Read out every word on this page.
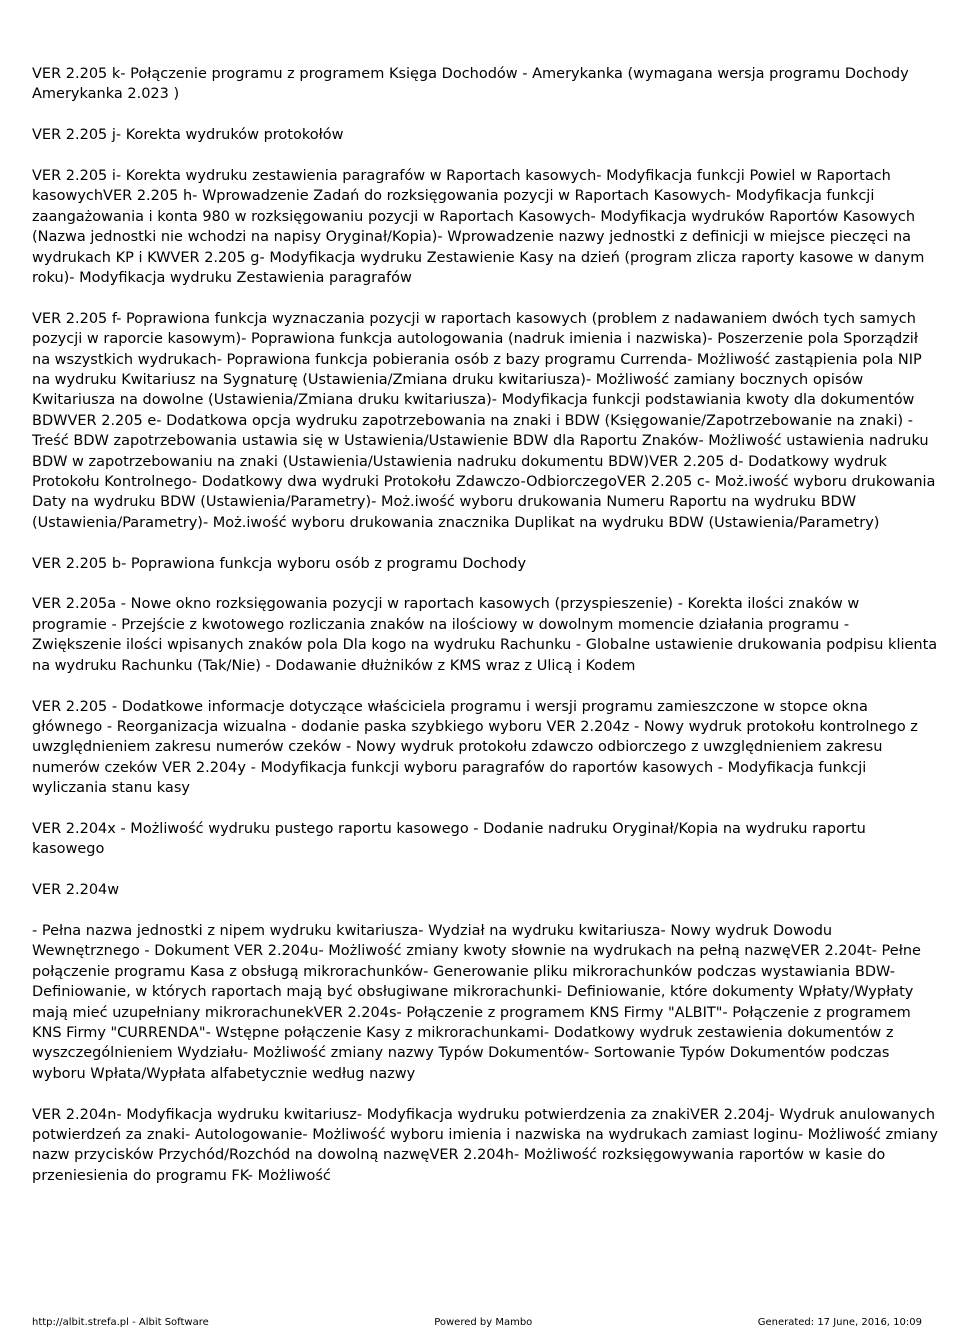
VER 2.205 k- Połączenie programu z programem Księga Dochodów - Amerykanka (wymagana wersja programu Dochody Amerykanka 2.023 )

VER 2.205 j- Korekta wydruków protokołów

VER 2.205 i- Korekta wydruku zestawienia paragrafów w Raportach kasowych- Modyfikacja funkcji Powiel w Raportach kasowychVER 2.205 h- Wprowadzenie Zadań do rozksięgowania pozycji w Raportach Kasowych- Modyfikacja funkcji zaangażowania i konta 980 w rozksięgowaniu pozycji w Raportach Kasowych- Modyfikacja wydruków Raportów Kasowych (Nazwa jednostki nie wchodzi na napisy Oryginał/Kopia)- Wprowadzenie nazwy jednostki z definicji w miejsce pieczęci na wydrukach KP i KWVER 2.205 g- Modyfikacja wydruku Zestawienie Kasy na dzień (program zlicza raporty kasowe w danym roku)- Modyfikacja wydruku Zestawienia paragrafów

VER 2.205 f- Poprawiona funkcja wyznaczania pozycji w raportach kasowych (problem z nadawaniem dwóch tych samych pozycji w raporcie kasowym)- Poprawiona funkcja autologowania (nadruk imienia i nazwiska)- Poszerzenie pola Sporządził na wszystkich wydrukach- Poprawiona funkcja pobierania osób z bazy programu Currenda- Możliwość zastąpienia pola NIP na wydruku Kwitariusz na Sygnaturę (Ustawienia/Zmiana druku kwitariusza)- Możliwość zamiany bocznych opisów Kwitariusza na dowolne (Ustawienia/Zmiana druku kwitariusza)- Modyfikacja funkcji podstawiania kwoty dla dokumentów BDWVER 2.205 e- Dodatkowa opcja wydruku zapotrzebowania na znaki i BDW (Księgowanie/Zapotrzebowanie na znaki) - Treść BDW zapotrzebowania ustawia się w Ustawienia/Ustawienie BDW dla Raportu Znaków- Możliwość ustawienia nadruku BDW w zapotrzebowaniu na znaki (Ustawienia/Ustawienia nadruku dokumentu BDW)VER 2.205 d- Dodatkowy wydruk Protokołu Kontrolnego- Dodatkowy dwa wydruki Protokołu Zdawczo-OdbiorczegoVER 2.205 c- Moż.iwość wyboru drukowania Daty na wydruku BDW (Ustawienia/Parametry)- Moż.iwość wyboru drukowania Numeru Raportu na wydruku BDW (Ustawienia/Parametry)- Moż.iwość wyboru drukowania znacznika Duplikat na wydruku BDW (Ustawienia/Parametry)

VER 2.205 b- Poprawiona funkcja wyboru osób z programu Dochody

VER 2.205a - Nowe okno rozksięgowania pozycji w raportach kasowych (przyspieszenie) - Korekta ilości znaków w programie - Przejście z kwotowego rozliczania znaków na ilościowy w dowolnym momencie działania programu - Zwiększenie ilości wpisanych znaków pola Dla kogo na wydruku Rachunku - Globalne ustawienie drukowania podpisu klienta na wydruku Rachunku (Tak/Nie) - Dodawanie dłużników z KMS wraz z Ulicą i Kodem

VER 2.205 - Dodatkowe informacje dotyczące właściciela programu i wersji programu zamieszczone w stopce okna głównego - Reorganizacja wizualna - dodanie paska szybkiego wyboru VER 2.204z - Nowy wydruk protokołu kontrolnego z uwzględnieniem zakresu numerów czeków - Nowy wydruk protokołu zdawczo odbiorczego z uwzględnieniem zakresu numerów czeków VER 2.204y - Modyfikacja funkcji wyboru paragrafów do raportów kasowych - Modyfikacja funkcji wyliczania stanu kasy

VER 2.204x - Możliwość wydruku pustego raportu kasowego - Dodanie nadruku Oryginał/Kopia na wydruku raportu kasowego

VER 2.204w

- Pełna nazwa jednostki z nipem wydruku kwitariusza- Wydział na wydruku kwitariusza- Nowy wydruk Dowodu Wewnętrznego - Dokument VER 2.204u- Możliwość zmiany kwoty słownie na wydrukach na pełną nazwęVER 2.204t- Pełne połączenie programu Kasa z obsługą mikrorachunków- Generowanie pliku mikrorachunków podczas wystawiania BDW- Definiowanie, w których raportach mają być obsługiwane mikrorachunki- Definiowanie, które dokumenty Wpłaty/Wypłaty mają mieć uzupełniany mikrorachunekVER 2.204s- Połączenie z programem KNS Firmy "ALBIT"- Połączenie z programem KNS Firmy "CURRENDA"- Wstępne połączenie Kasy z mikrorachunkami- Dodatkowy wydruk zestawienia dokumentów z wyszczególnieniem Wydziału- Możliwość zmiany nazwy Typów Dokumentów- Sortowanie Typów Dokumentów podczas wyboru Wpłata/Wypłata alfabetycznie według nazwy

VER 2.204n- Modyfikacja wydruku kwitariusz- Modyfikacja wydruku potwierdzenia za znakiVER 2.204j- Wydruk anulowanych potwierdzeń za znaki- Autologowanie- Możliwość wyboru imienia i nazwiska na wydrukach zamiast loginu- Możliwość zmiany nazw przycisków Przychód/Rozchód na dowolną nazwęVER 2.204h- Możliwość rozksięgowywania raportów w kasie do przeniesienia do programu FK- Możliwość

http://albit.strefa.pl - Albit Software	Powered by Mambo	Generated: 17 June, 2016, 10:09
